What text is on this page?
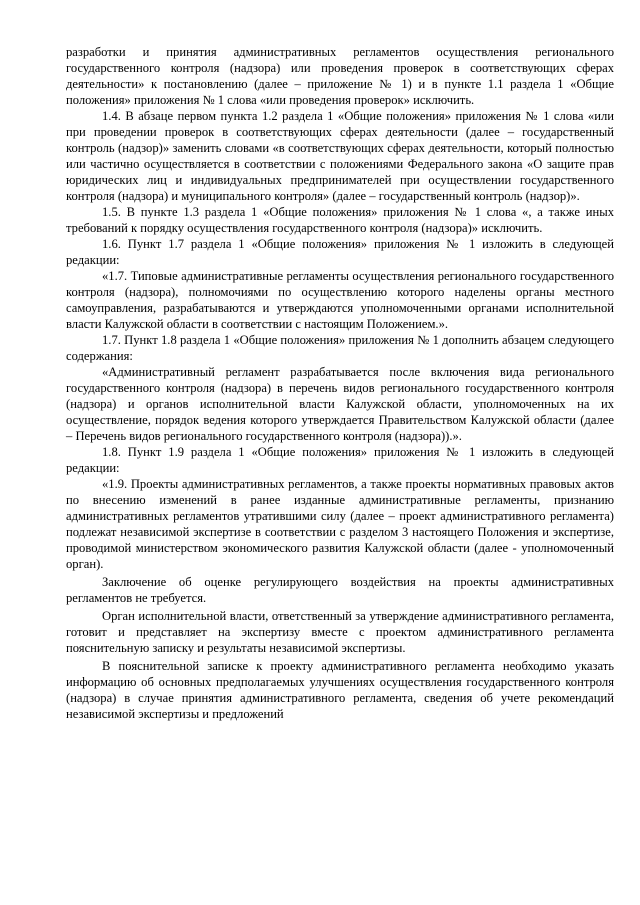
разработки и принятия административных регламентов осуществления регионального государственного контроля (надзора) или проведения проверок в соответствующих сферах деятельности» к постановлению (далее – приложение № 1) и в пункте 1.1 раздела 1 «Общие положения» приложения № 1 слова «или проведения проверок» исключить.

1.4. В абзаце первом пункта 1.2 раздела 1 «Общие положения» приложения № 1 слова «или при проведении проверок в соответствующих сферах деятельности (далее – государственный контроль (надзор)» заменить словами «в соответствующих сферах деятельности, который полностью или частично осуществляется в соответствии с положениями Федерального закона «О защите прав юридических лиц и индивидуальных предпринимателей при осуществлении государственного контроля (надзора) и муниципального контроля» (далее – государственный контроль (надзор)».

1.5. В пункте 1.3 раздела 1 «Общие положения» приложения № 1 слова «, а также иных требований к порядку осуществления государственного контроля (надзора)» исключить.

1.6. Пункт 1.7 раздела 1 «Общие положения» приложения № 1 изложить в следующей редакции:

«1.7. Типовые административные регламенты осуществления регионального государственного контроля (надзора), полномочиями по осуществлению которого наделены органы местного самоуправления, разрабатываются и утверждаются уполномоченными органами исполнительной власти Калужской области в соответствии с настоящим Положением.».

1.7. Пункт 1.8 раздела 1 «Общие положения» приложения № 1 дополнить абзацем следующего содержания:

«Административный регламент разрабатывается после включения вида регионального государственного контроля (надзора) в перечень видов регионального государственного контроля (надзора) и органов исполнительной власти Калужской области, уполномоченных на их осуществление, порядок ведения которого утверждается Правительством Калужской области (далее – Перечень видов регионального государственного контроля (надзора)).».

1.8. Пункт 1.9 раздела 1 «Общие положения» приложения № 1 изложить в следующей редакции:

«1.9. Проекты административных регламентов, а также проекты нормативных правовых актов по внесению изменений в ранее изданные административные регламенты, признанию административных регламентов утратившими силу (далее – проект административного регламента) подлежат независимой экспертизе в соответствии с разделом 3 настоящего Положения и экспертизе, проводимой министерством экономического развития Калужской области (далее - уполномоченный орган).

Заключение об оценке регулирующего воздействия на проекты административных регламентов не требуется.

Орган исполнительной власти, ответственный за утверждение административного регламента, готовит и представляет на экспертизу вместе с проектом административного регламента пояснительную записку и результаты независимой экспертизы.

В пояснительной записке к проекту административного регламента необходимо указать информацию об основных предполагаемых улучшениях осуществления государственного контроля (надзора) в случае принятия административного регламента, сведения об учете рекомендаций независимой экспертизы и предложений
